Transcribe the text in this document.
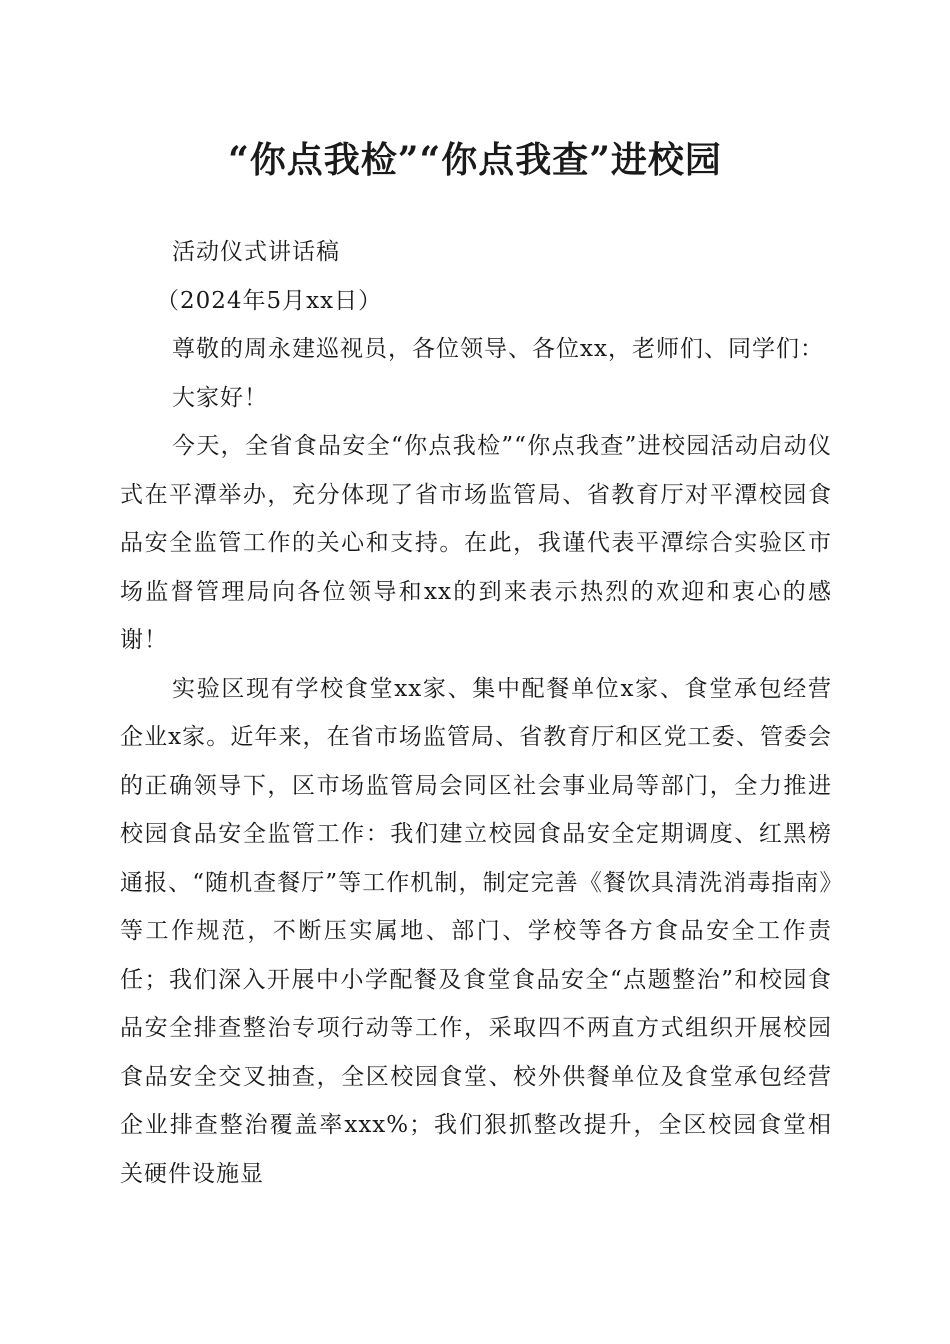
“你点我检”“你点我查”进校园

活动仪式讲话稿

（2024年5月xx日）

尊敬的周永建巡视员，各位领导、各位xx，老师们、同学们：

大家好！

今天，全省食品安全“你点我检”“你点我查”进校园活动启动仪式在平潭举办，充分体现了省市场监管局、省教育厅对平潭校园食品安全监管工作的关心和支持。在此，我谨代表平潭综合实验区市场监督管理局向各位领导和xx的到来表示热烈的欢迎和衷心的感谢！

实验区现有学校食堂xx家、集中配餐单位x家、食堂承包经营企业x家。近年来，在省市场监管局、省教育厅和区党工委、管委会的正确领导下，区市场监管局会同区社会事业局等部门，全力推进校园食品安全监管工作：我们建立校园食品安全定期调度、红黑榜通报、“随机查餐厅”等工作机制，制定完善《餐饮具清洗消毒指南》等工作规范，不断压实属地、部门、学校等各方食品安全工作责任；我们深入开展中小学配餐及食堂食品安全“点题整治”和校园食品安全排查整治专项行动等工作，采取四不两直方式组织开展校园食品安全交叉抽查，全区校园食堂、校外供餐单位及食堂承包经营企业排查整治覆盖率xxx%；我们狠抓整改提升，全区校园食堂相关硬件设施显
